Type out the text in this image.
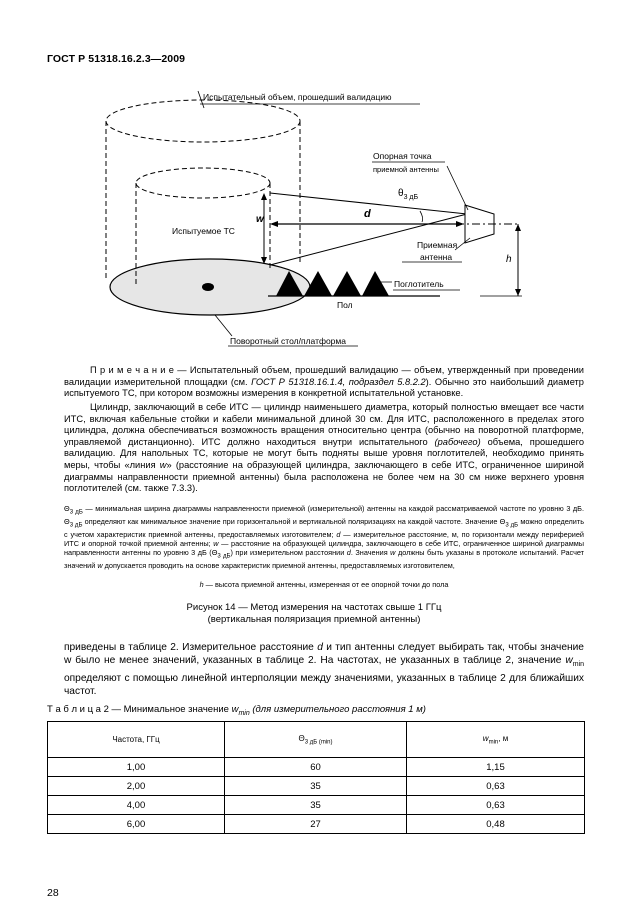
ГОСТ Р 51318.16.2.3—2009
Испытательный объем, прошедший валидацию
Опорная точка
приемной антенны
$\theta_{3 дБ}$
d
w
Испытуемое ТС
Приемная
антенна	h
Поглотитель
Пол
Поворотный стол/платформа
П р и м е ч а н и е — Испытательный объем, прошедший валидацию — объем, утвержденный при проведении валидации измерительной площадки (см. ГОСТ Р 51318.16.1.4, подраздел 5.8.2.2). Обычно это наибольший диаметр испытуемого ТС, при котором возможны измерения в конкретной испытательной установке.
Цилиндр, заключающий в себе ИТС — цилиндр наименьшего диаметра, который полностью вмещает все части ИТС, включая кабельные стойки и кабели минимальной длиной 30 см. Для ИТС, расположенного в пределах этого цилиндра, должна обеспечиваться возможность вращения относительно центра (обычно на поворотной платформе, управляемой дистанционно). ИТС должно находиться внутри испытательного (рабочего) объема, прошедшего валидацию. Для напольных ТС, которые не могут быть подняты выше уровня поглотителей, необходимо принять меры, чтобы «линия w» (расстояние на образующей цилиндра, заключающего в себе ИТС, ограниченное шириной диаграммы направленности приемной антенны) была расположена не более чем на 30 см ниже верхнего уровня поглотителей (см. также 7.3.3).
$\Theta_{3 дБ}$ — минимальная ширина диаграммы направленности приемной (измерительной) антенны на каждой рассматриваемой частоте по уровню 3 дБ. $\Theta_{3 дБ}$ определяют как минимальное значение при горизонтальной и вертикальной поляризациях на каждой частоте. Значение $\Theta_{3 дБ}$ можно определить с учетом характеристик приемной антенны, предоставляемых изготовителем; d — измерительное расстояние, м, по горизонтали между периферией ИТС и опорной точкой приемной антенны; w — расстояние на образующей цилиндра, заключающего в себе ИТС, ограниченное шириной диаграммы направленности антенны по уровню 3 дБ $(\Theta_{3 дБ})$ при измерительном расстоянии d. Значения w должны быть указаны в протоколе испытаний. Расчет значений w допускается проводить на основе характеристик приемной антенны, предоставляемых изготовителем,
h — высота приемной антенны, измеренная от ее опорной точки до пола
Рисунок 14 — Метод измерения на частотах свыше 1 ГГц
(вертикальная поляризация приемной антенны)
приведены в таблице 2. Измерительное расстояние d и тип антенны следует выбирать так, чтобы значение w было не менее значений, указанных в таблице 2. На частотах, не указанных в таблице 2, значение $w_{min}$ определяют с помощью линейной интерполяции между значениями, указанных в таблице 2 для ближайших частот.
Т а б л и ц а 2 — Минимальное значение $w_{min}$ (для измерительного расстояния 1 м)
Частота, ГГц	$\Theta_{3 дБ (min)}$	$w_{min}$, м
1,00	60	1,15
2,00	35	0,63
4,00	35	0,63
6,00	27	0,48
28
